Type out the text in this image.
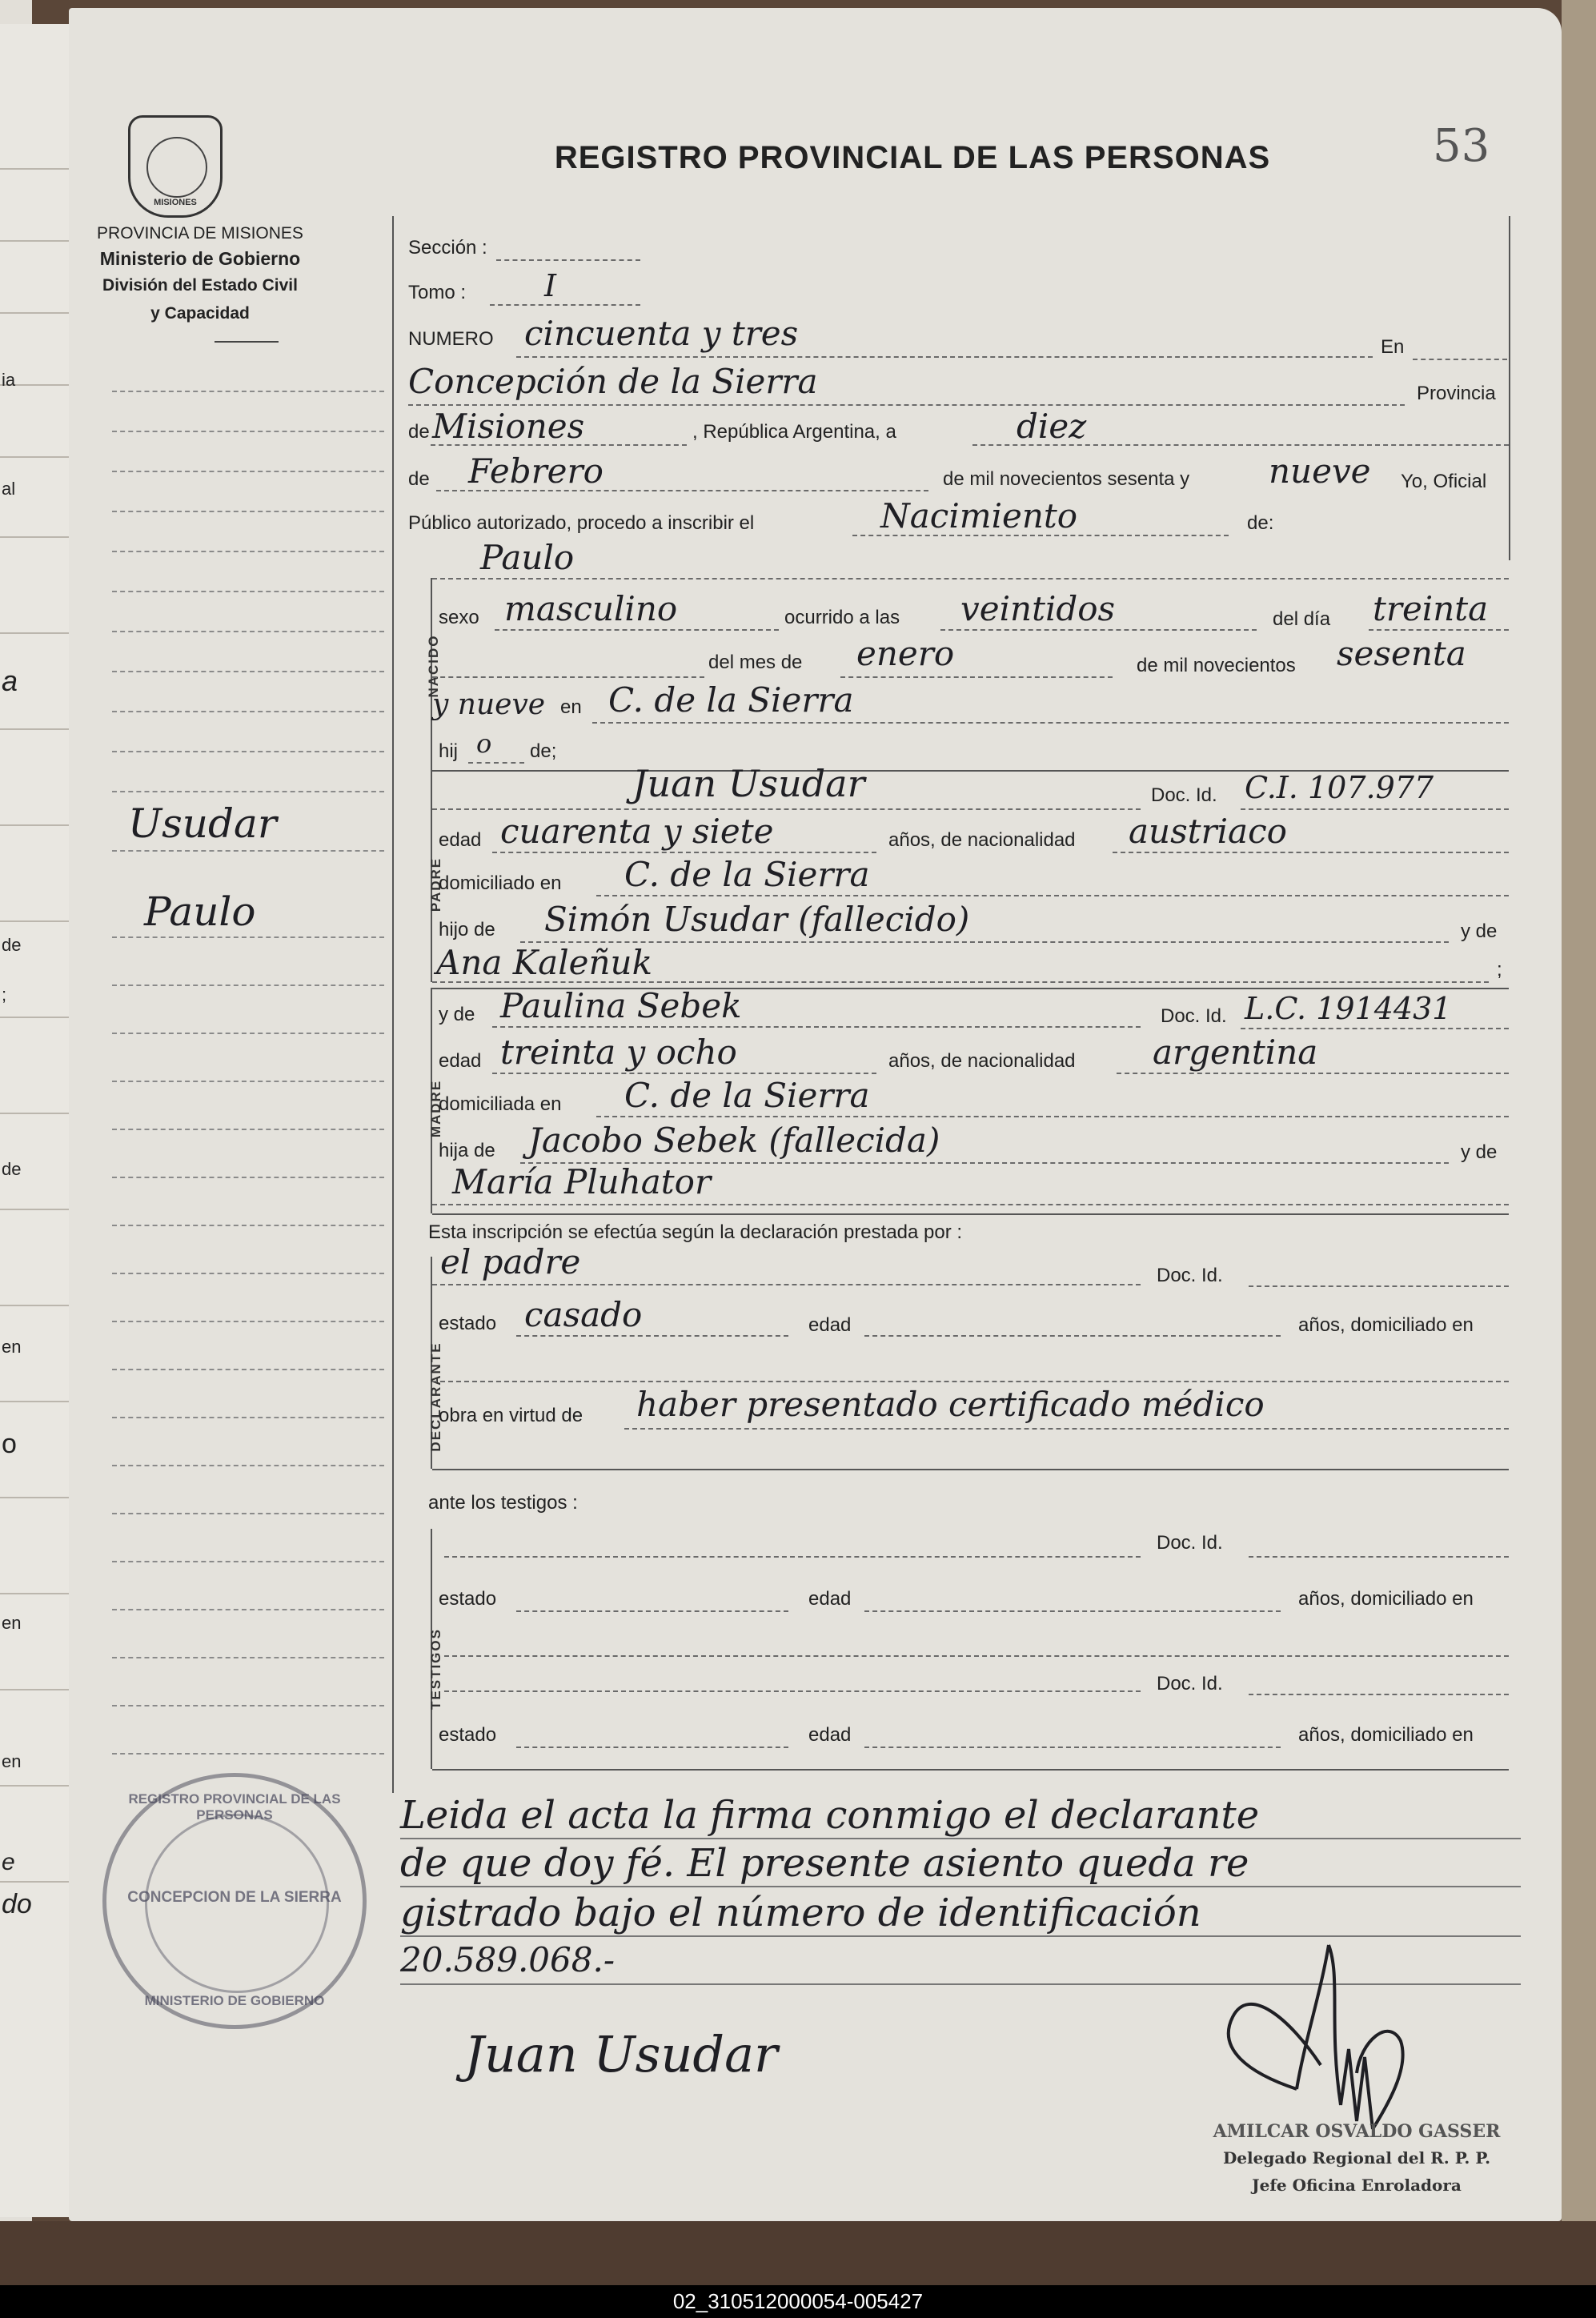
ia
al
a
de
;
de
en
o
en
en
e
do
MISIONES
PROVINCIA DE MISIONES
Ministerio de Gobierno
División del Estado Civil
y Capacidad
REGISTRO PROVINCIAL DE LAS PERSONAS	53
Usudar
Paulo
Sección :
Tomo :	I
NUMERO cincuenta y tres	En
Concepción de la Sierra	Provincia
de Misiones	, República Argentina, a	diez
de Febrero	de mil novecientos sesenta y nueve Yo, Oficial
Público autorizado, procedo a inscribir el	Nacimiento	de:
Paulo
NACIDO
sexo masculino	ocurrido a las veintidos	del día treinta
del mes de enero	de mil novecientos sesenta
y nueve en C. de la Sierra
hij o de;
PADRE
Juan Usudar	Doc. Id. C.I. 107.977
edad cuarenta y siete	años, de nacionalidad austriaco
domiciliado en C. de la Sierra
hijo de Simón Usudar (fallecido)	y de
Ana Kaleñuk	;
MADRE
y de Paulina Sebek	Doc. Id. L.C. 1914431
edad treinta y ocho	años, de nacionalidad argentina
domiciliada en C. de la Sierra
hija de Jacobo Sebek (fallecida)	y de
María Pluhator
Esta inscripción se efectúa según la declaración prestada por :
DECLARANTE
el padre	Doc. Id.
estado casado	edad	años, domiciliado en
obra en virtud de haber presentado certificado médico
ante los testigos :
TESTIGOS
Doc. Id.
estado	edad	años, domiciliado en
Doc. Id.
estado	edad	años, domiciliado en
Leida el acta la firma conmigo el declarante
de que doy fé. El presente asiento queda re
gistrado bajo el número de identificación
20.589.068.-
Juan Usudar
REGISTRO PROVINCIAL DE LAS PERSONAS
CONCEPCION DE LA SIERRA
MINISTERIO DE GOBIERNO
AMILCAR OSVALDO GASSER
Delegado Regional del R. P. P.
Jefe Oficina Enroladora
02_310512000054-005427
